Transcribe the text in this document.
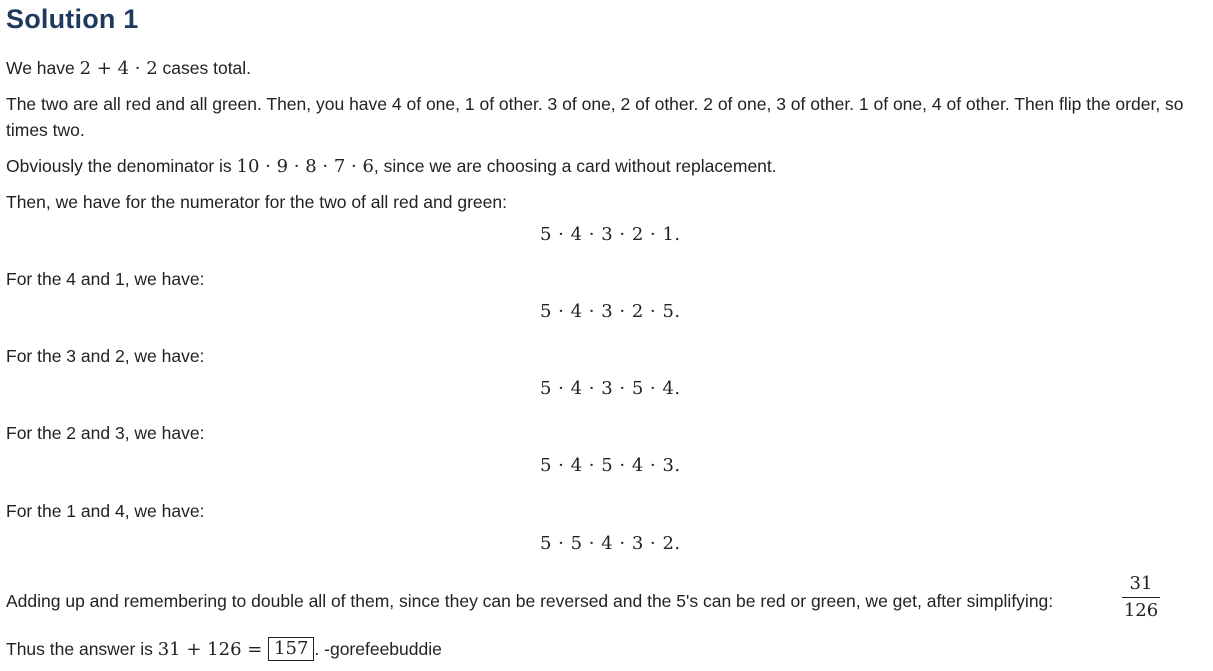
Solution 1
We have 2 + 4 · 2 cases total.
The two are all red and all green. Then, you have 4 of one, 1 of other. 3 of one, 2 of other. 2 of one, 3 of other. 1 of one, 4 of other. Then flip the order, so times two.
Obviously the denominator is 10 · 9 · 8 · 7 · 6, since we are choosing a card without replacement.
Then, we have for the numerator for the two of all red and green:
5 · 4 · 3 · 2 · 1.
For the 4 and 1, we have:
5 · 4 · 3 · 2 · 5.
For the 3 and 2, we have:
5 · 4 · 3 · 5 · 4.
For the 2 and 3, we have:
5 · 4 · 5 · 4 · 3.
For the 1 and 4, we have:
5 · 5 · 4 · 3 · 2.
Adding up and remembering to double all of them, since they can be reversed and the 5's can be red or green, we get, after simplifying:
31
126
Thus the answer is 31 + 126 = 157 . -gorefeebuddie
